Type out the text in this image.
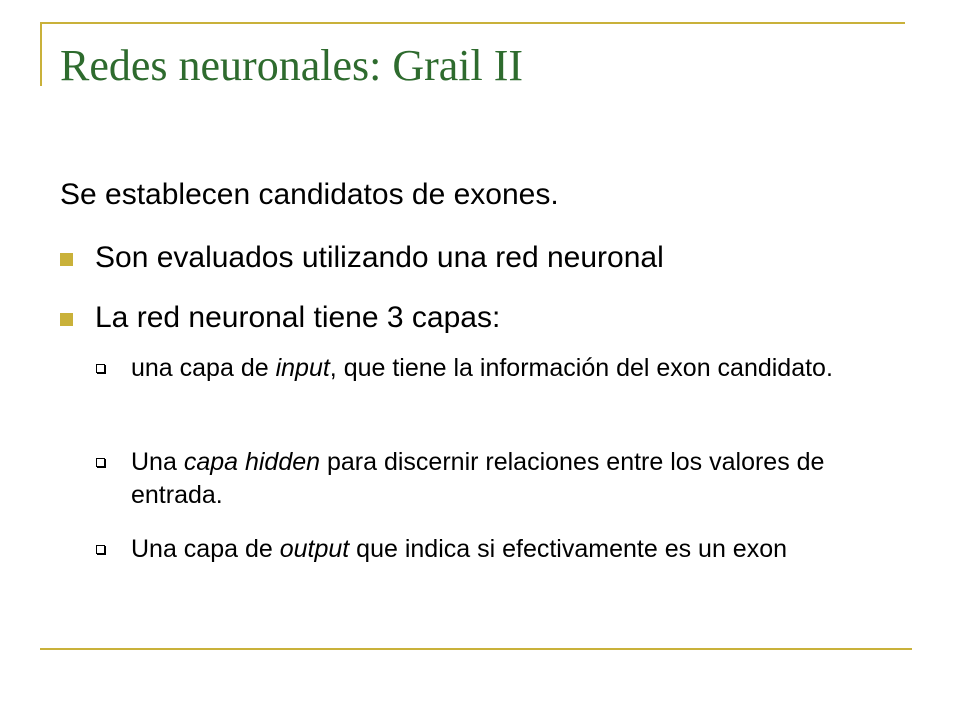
Redes neuronales: Grail II

Se establecen candidatos de exones.

Son evaluados utilizando una red neuronal
La red neuronal tiene 3 capas:
una capa de input, que tiene la información del exon candidato.
Una capa hidden para discernir relaciones entre los valores de entrada.
Una capa de output que indica si efectivamente es un exon
